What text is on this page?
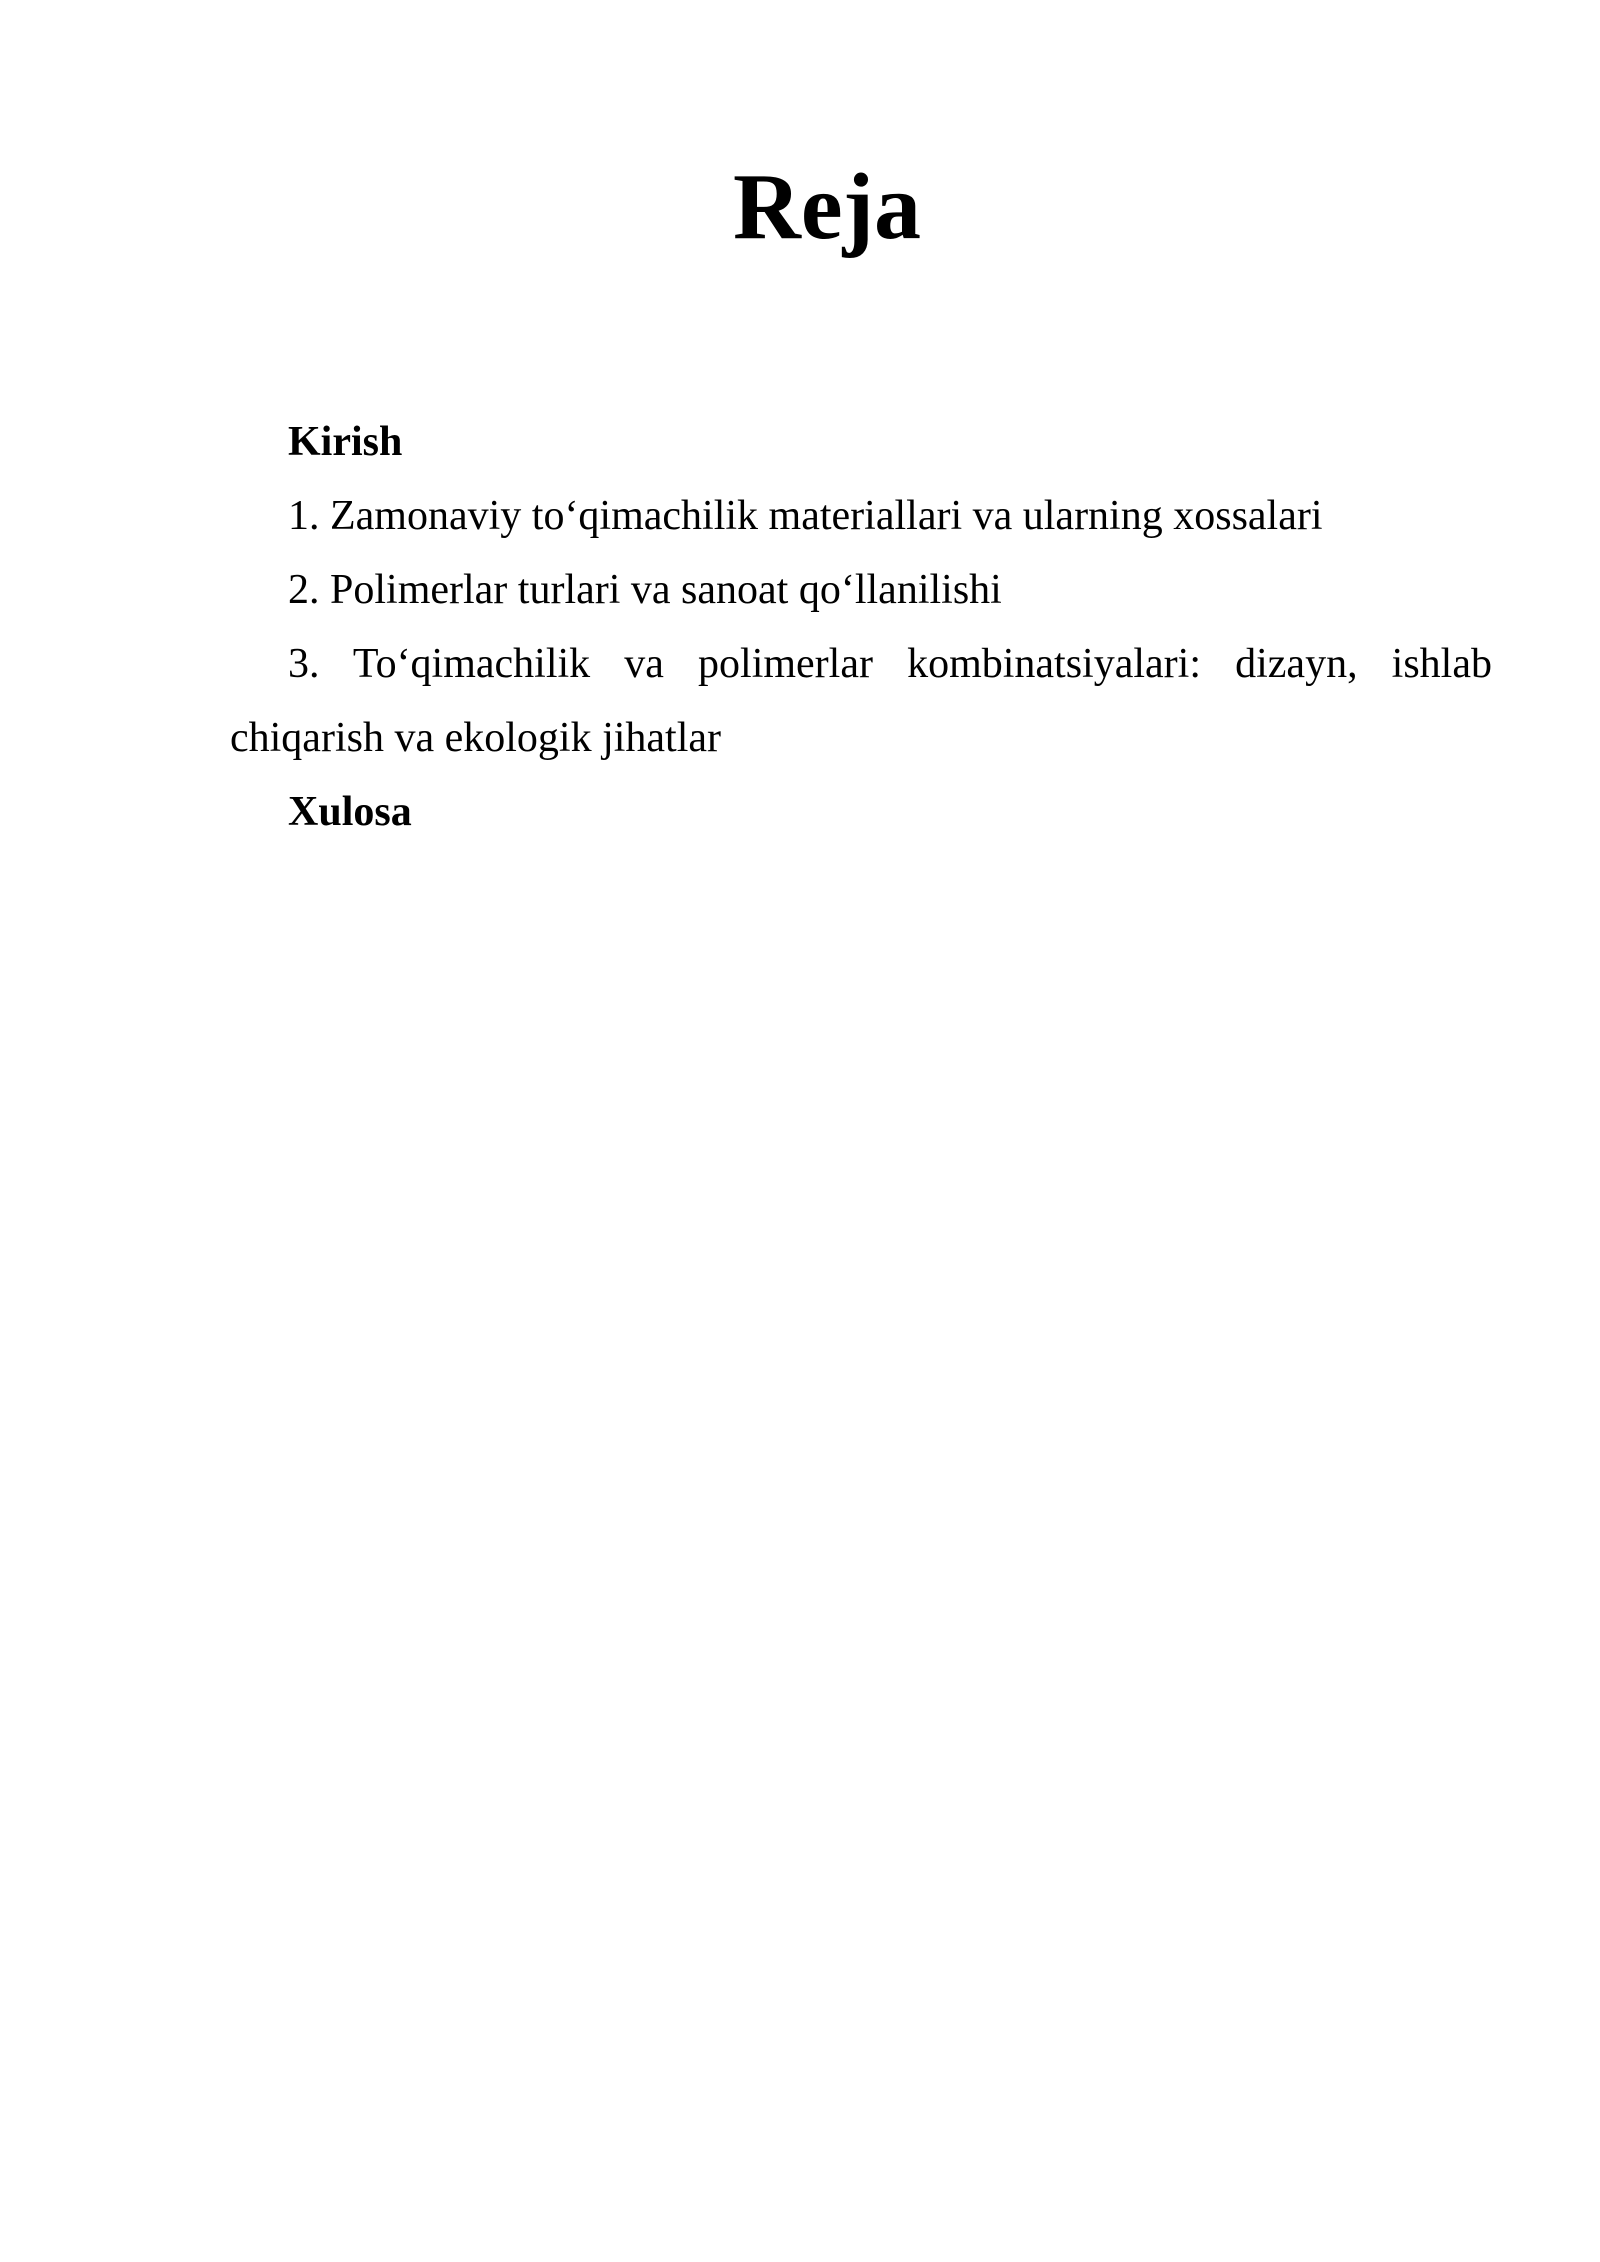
Reja
Kirish
1. Zamonaviy to‘qimachilik materiallari va ularning xossalari
2. Polimerlar turlari va sanoat qo‘llanilishi
3. To‘qimachilik va polimerlar kombinatsiyalari: dizayn, ishlab
chiqarish va ekologik jihatlar
Xulosa
